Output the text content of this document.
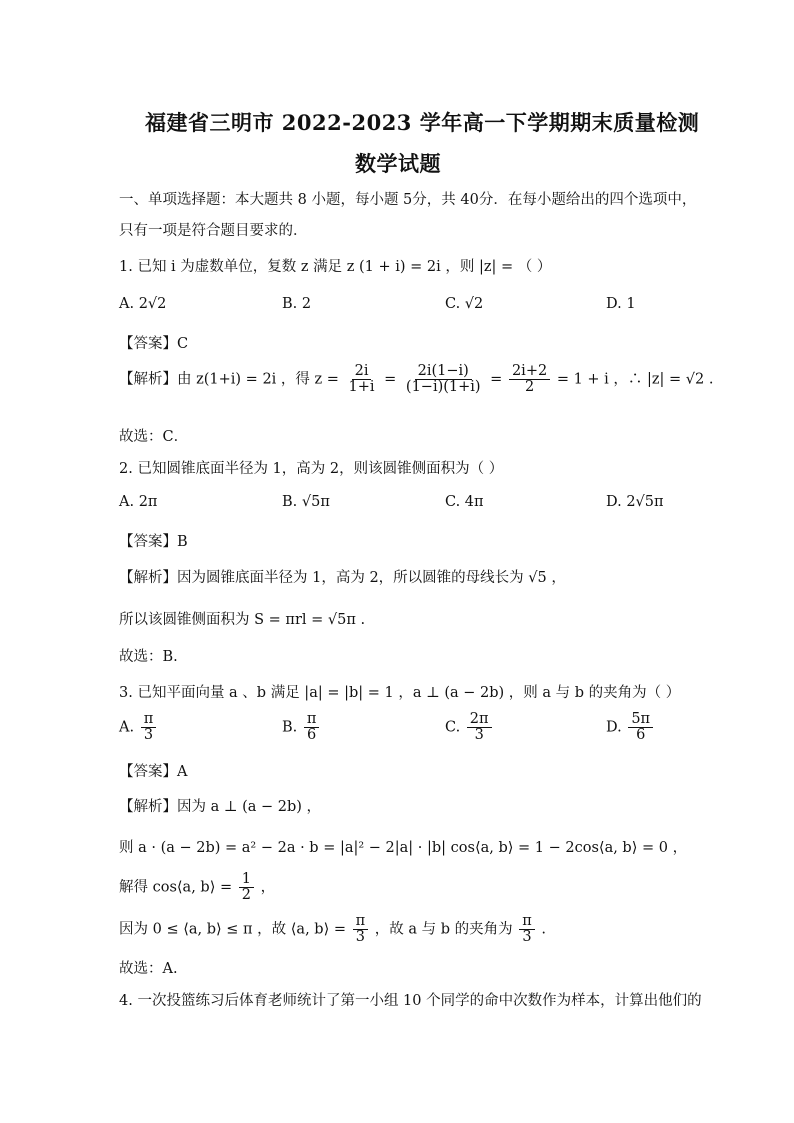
福建省三明市 2022-2023 学年高一下学期期末质量检测
数学试题
一、单项选择题：本大题共 8 小题，每小题 5分，共 40分．在每小题给出的四个选项中，
只有一项是符合题目要求的．
1. 已知 i 为虚数单位，复数 z 满足 z (1 + i) = 2i ，则 |z| = （ ）
A. 2√2	B. 2	C. √2	D. 1
【答案】C
【解析】由 z(1+i) = 2i ，得 $z = \frac{2i}{1+i} = \frac{2i(1-i)}{(1-i)(1+i)} = \frac{2i+2}{2} = 1 + i$ ，∴ |z| = √2 .
故选：C．
2. 已知圆锥底面半径为 1，高为 2，则该圆锥侧面积为（ ）
A. 2π	B. √5π	C. 4π	D. 2√5π
【答案】B
【解析】因为圆锥底面半径为 1，高为 2，所以圆锥的母线长为 √5 ，
所以该圆锥侧面积为 S = πrl = √5π .
故选：B.
3. 已知平面向量 a 、b 满足 |a| = |b| = 1 ，a ⊥ (a − 2b) ，则 a 与 b 的夹角为（ ）
A. $\frac{\pi}{3}$	B. $\frac{\pi}{6}$	C. $\frac{2\pi}{3}$	D. $\frac{5\pi}{6}$
【答案】A
【解析】因为 a ⊥ (a − 2b) ，
则 a · (a − 2b) = a² − 2a · b = |a|² − 2|a| · |b| cos⟨a, b⟩ = 1 − 2cos⟨a, b⟩ = 0 ，
解得 cos⟨a, b⟩ = $\frac{1}{2}$ ，
因为 0 ≤ ⟨a, b⟩ ≤ π ，故 ⟨a, b⟩ = $\frac{\pi}{3}$ ，故 a 与 b 的夹角为 $\frac{\pi}{3}$ .
故选：A.
4. 一次投篮练习后体育老师统计了第一小组 10 个同学的命中次数作为样本，计算出他们的
